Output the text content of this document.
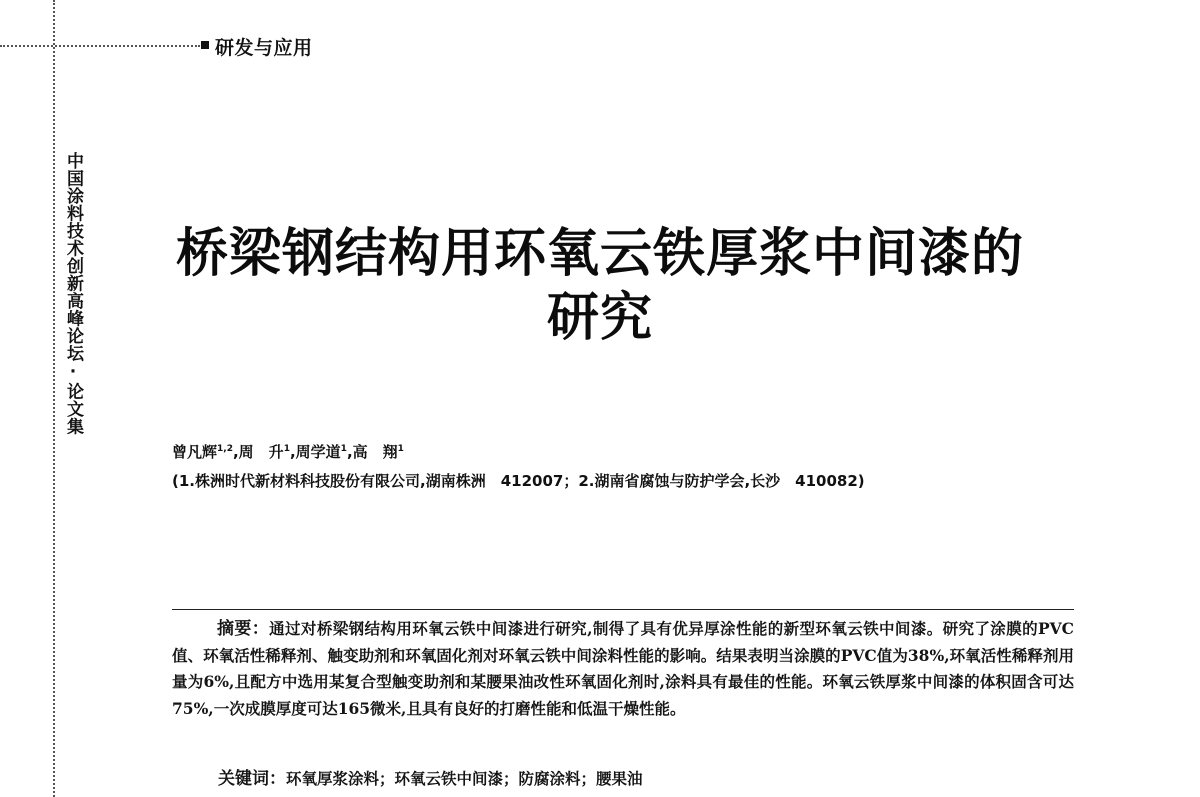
研发与应用
中国涂料技术创新高峰论坛·论文集	桥梁钢结构用环氧云铁厚浆中间漆的
研究
曾凡辉$^{1,2}$,周　升$^1$,周学道$^1$,高　翔$^1$
(1.株洲时代新材料科技股份有限公司,湖南株洲　412007；2.湖南省腐蚀与防护学会,长沙　410082)
摘要：通过对桥梁钢结构用环氧云铁中间漆进行研究,制得了具有优异厚涂性能的新型环氧云铁中间漆。研究了涂膜的PVC值、环氧活性稀释剂、触变助剂和环氧固化剂对环氧云铁中间涂料性能的影响。结果表明当涂膜的PVC值为38%,环氧活性稀释剂用量为6%,且配方中选用某复合型触变助剂和某腰果油改性环氧固化剂时,涂料具有最佳的性能。环氧云铁厚浆中间漆的体积固含可达75%,一次成膜厚度可达165微米,且具有良好的打磨性能和低温干燥性能。
关键词：环氧厚浆涂料；环氧云铁中间漆；防腐涂料；腰果油
